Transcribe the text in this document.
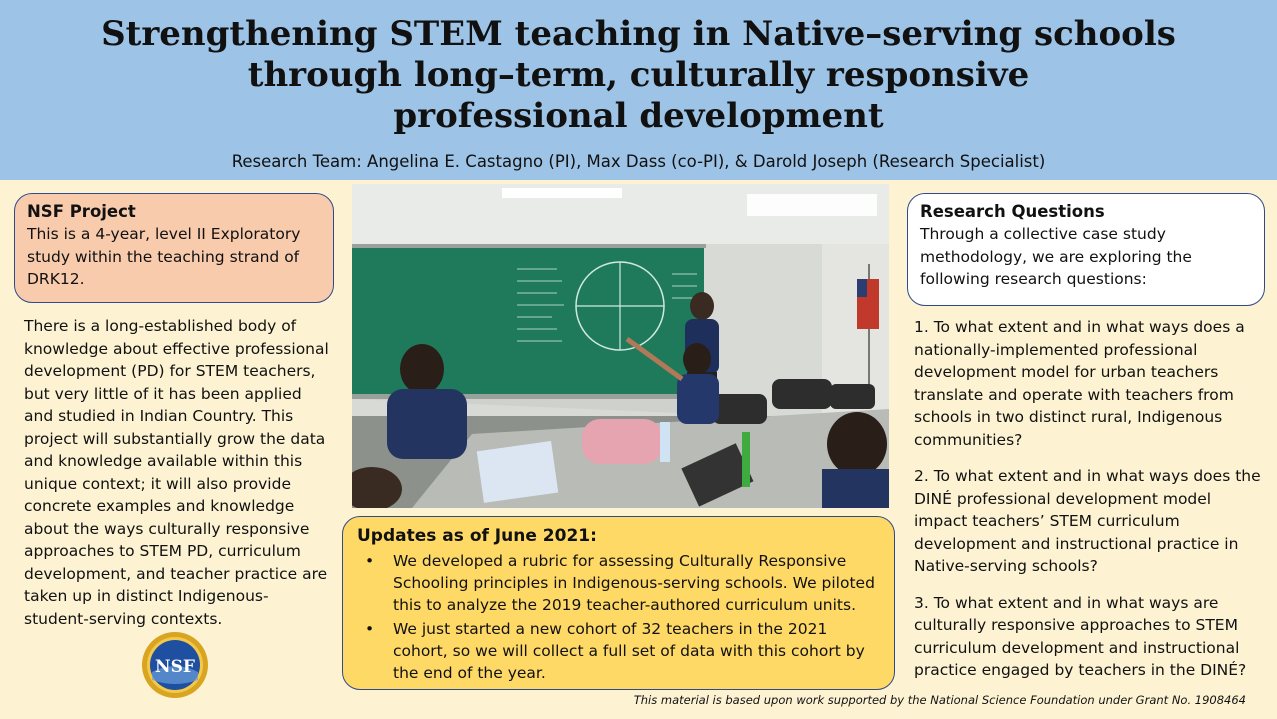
Strengthening STEM teaching in Native–serving schools
through long–term, culturally responsive
professional development
Research Team: Angelina E. Castagno (PI), Max Dass (co-PI), & Darold Joseph (Research Specialist)
NSF Project

This is a 4-year, level II Exploratory study within the teaching strand of DRK12.

There is a long-established body of knowledge about effective professional development (PD) for STEM teachers, but very little of it has been applied and studied in Indian Country. This project will substantially grow the data and knowledge available within this unique context; it will also provide concrete examples and knowledge about the ways culturally responsive approaches to STEM PD, curriculum development, and teacher practice are taken up in distinct Indigenous-student-serving contexts.

NSF
Updates as of June 2021:
• We developed a rubric for assessing Culturally Responsive Schooling principles in Indigenous-serving schools. We piloted this to analyze the 2019 teacher-authored curriculum units.
• We just started a new cohort of 32 teachers in the 2021 cohort, so we will collect a full set of data with this cohort by the end of the year.
Research Questions

Through a collective case study methodology, we are exploring the following research questions:

1. To what extent and in what ways does a nationally-implemented professional development model for urban teachers translate and operate with teachers from schools in two distinct rural, Indigenous communities?

2. To what extent and in what ways does the DINÉ professional development model impact teachers’ STEM curriculum development and instructional practice in Native-serving schools?

3. To what extent and in what ways are culturally responsive approaches to STEM curriculum development and instructional practice engaged by teachers in the DINÉ?

This material is based upon work supported by the National Science Foundation under Grant No. 1908464
